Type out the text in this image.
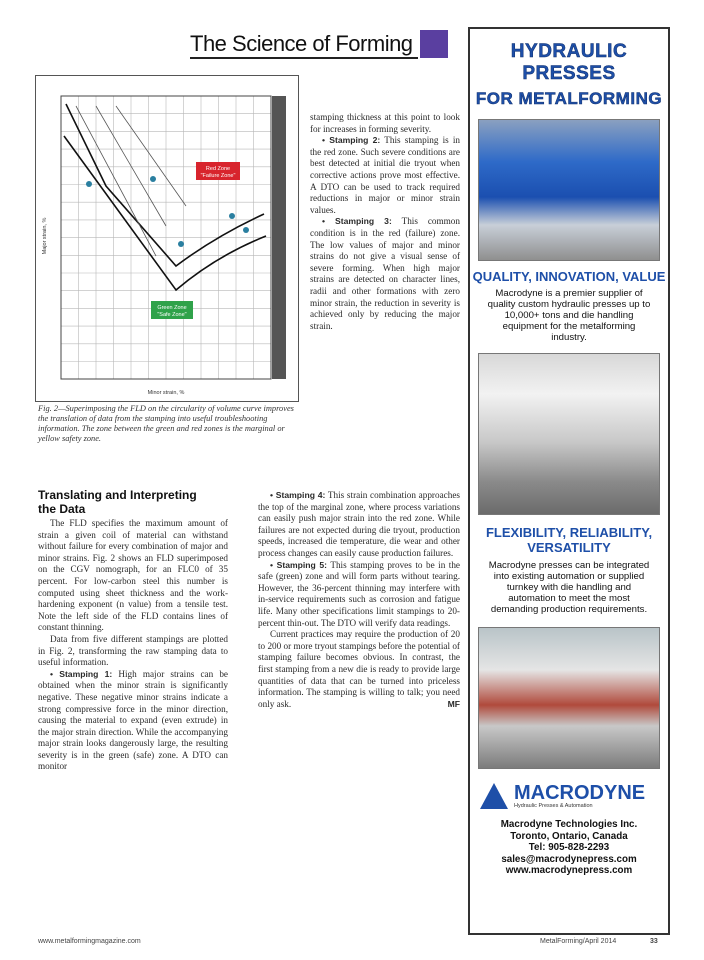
The Science of Forming
Red Zone
"Failure Zone"
Green Zone
"Safe Zone"
Minor strain, %
Major strain, %
Fig. 2—Superimposing the FLD on the circularity of volume curve improves the translation of data from the stamping into useful troubleshooting information. The zone between the green and red zones is the marginal or yellow safety zone.
Translating and Interpreting the Data

The FLD specifies the maximum amount of strain a given coil of material can withstand without failure for every combination of major and minor strains. Fig. 2 shows an FLD superimposed on the CGV nomograph, for an FLC0 of 35 percent. For low-carbon steel this number is computed using sheet thickness and the work-hardening exponent (n value) from a tensile test. Note the left side of the FLD contains lines of constant thinning.

Data from five different stampings are plotted in Fig. 2, transforming the raw stamping data to useful information.

• Stamping 1: High major strains can be obtained when the minor strain is significantly negative. These negative minor strains indicate a strong compressive force in the minor direction, causing the material to expand (even extrude) in the major strain direction. While the accompanying major strain looks dangerously large, the resulting severity is in the green (safe) zone. A DTO can monitor

stamping thickness at this point to look for increases in forming severity.

• Stamping 2: This stamping is in the red zone. Such severe conditions are best detected at initial die tryout when corrective actions prove most effective. A DTO can be used to track required reductions in major or minor strain values.

• Stamping 3: This common condition is in the red (failure) zone. The low values of major and minor strains do not give a visual sense of severe forming. When high major strains are detected on character lines, radii and other formations with zero minor strain, the reduction in severity is achieved only by reducing the major strain.

• Stamping 4: This strain combination approaches the top of the marginal zone, where process variations can easily push major strain into the red zone. While failures are not expected during die tryout, production speeds, increased die temperature, die wear and other process changes can easily cause production failures.

• Stamping 5: This stamping proves to be in the safe (green) zone and will form parts without tearing. However, the 36-percent thinning may interfere with in-service requirements such as corrosion and fatigue life. Many other specifications limit stampings to 20-percent thin-out. The DTO will verify data readings.

Current practices may require the production of 20 to 200 or more tryout stampings before the potential of stamping failure becomes obvious. In contrast, the first stamping from a new die is ready to provide large quantities of data that can be turned into priceless information. The stamping is willing to talk; you need only ask.	MF

HYDRAULIC PRESSES
FOR METALFORMING
QUALITY, INNOVATION, VALUE
Macrodyne is a premier supplier of quality custom hydraulic presses up to 10,000+ tons and die handling equipment for the metalforming industry.
FLEXIBILITY, RELIABILITY,
VERSATILITY
Macrodyne presses can be integrated into existing automation or supplied turnkey with die handling and automation to meet the most demanding production requirements.
MACRODYNE
Hydraulic Presses & Automation
Macrodyne Technologies Inc.
Toronto, Ontario, Canada
Tel: 905-828-2293
sales@macrodynepress.com
www.macrodynepress.com
www.metalformingmagazine.com	MetalForming/April 2014	33
